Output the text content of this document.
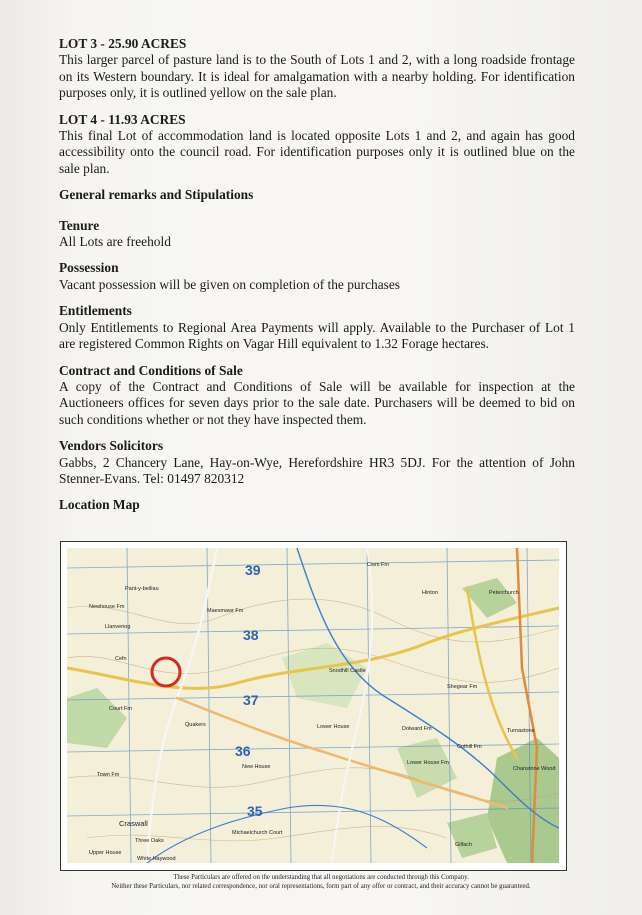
LOT 3 - 25.90 ACRES
This larger parcel of pasture land is to the South of Lots 1 and 2, with a long roadside frontage on its Western boundary. It is ideal for amalgamation with a nearby holding. For identification purposes only, it is outlined yellow on the sale plan.
LOT 4 - 11.93 ACRES
This final Lot of accommodation land is located opposite Lots 1 and 2, and again has good accessibility onto the council road. For identification purposes only it is outlined blue on the sale plan.
General remarks and Stipulations
Tenure
All Lots are freehold
Possession
Vacant possession will be given on completion of the purchases
Entitlements
Only Entitlements to Regional Area Payments will apply. Available to the Purchaser of Lot 1 are registered Common Rights on Vagar Hill equivalent to 1.32 Forage hectares.
Contract and Conditions of Sale
A copy of the Contract and Conditions of Sale will be available for inspection at the Auctioneers offices for seven days prior to the sale date. Purchasers will be deemed to bid on such conditions whether or not they have inspected them.
Vendors Solicitors
Gabbs, 2 Chancery Lane, Hay-on-Wye, Herefordshire HR3 5DJ. For the attention of John Stenner-Evans. Tel: 01497 820312
Location Map
39
38
37
36
35
Pant-y-beiliau
Newhouse Fm
Llanvenog
Cefn
Court Fm
Quakers
Town Fm
Craswall
Three Oaks
Upper House
White Haywood
Turnastone
Peterchurch
Hinton
Dolward Fm
Lower House
New House
Cothill Fm
Michaelchurch Court
Snodhill Castle
Gilfach
Cwm Fm
Maesmawr Fm
Shegear Fm
Lower House Fm
Chanstone Wood
These Particulars are offered on the understanding that all negotiations are conducted through this Company.
Neither these Particulars, nor related correspondence, nor oral representations, form part of any offer or contract, and their accuracy cannot be guaranteed.
